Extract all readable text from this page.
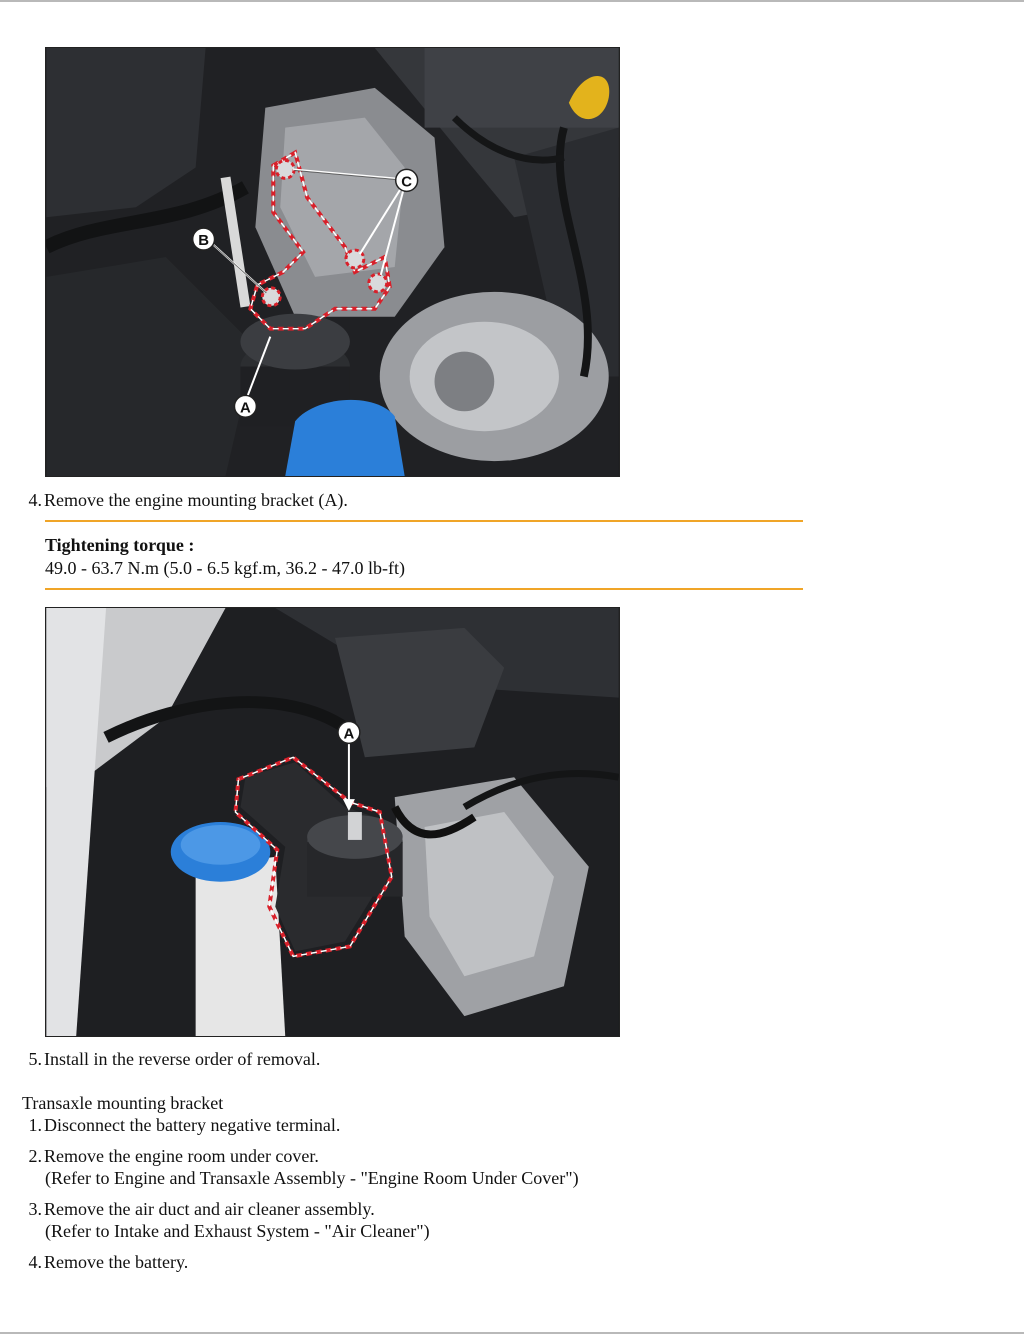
C
B
A
4. Remove the engine mounting bracket (A).
Tightening torque :
49.0 - 63.7 N.m (5.0 - 6.5 kgf.m, 36.2 - 47.0 lb-ft)
A
5. Install in the reverse order of removal.
Transaxle mounting bracket
1. Disconnect the battery negative terminal.
2. Remove the engine room under cover.
(Refer to Engine and Transaxle Assembly - "Engine Room Under Cover")
3. Remove the air duct and air cleaner assembly.
(Refer to Intake and Exhaust System - "Air Cleaner")
4. Remove the battery.
